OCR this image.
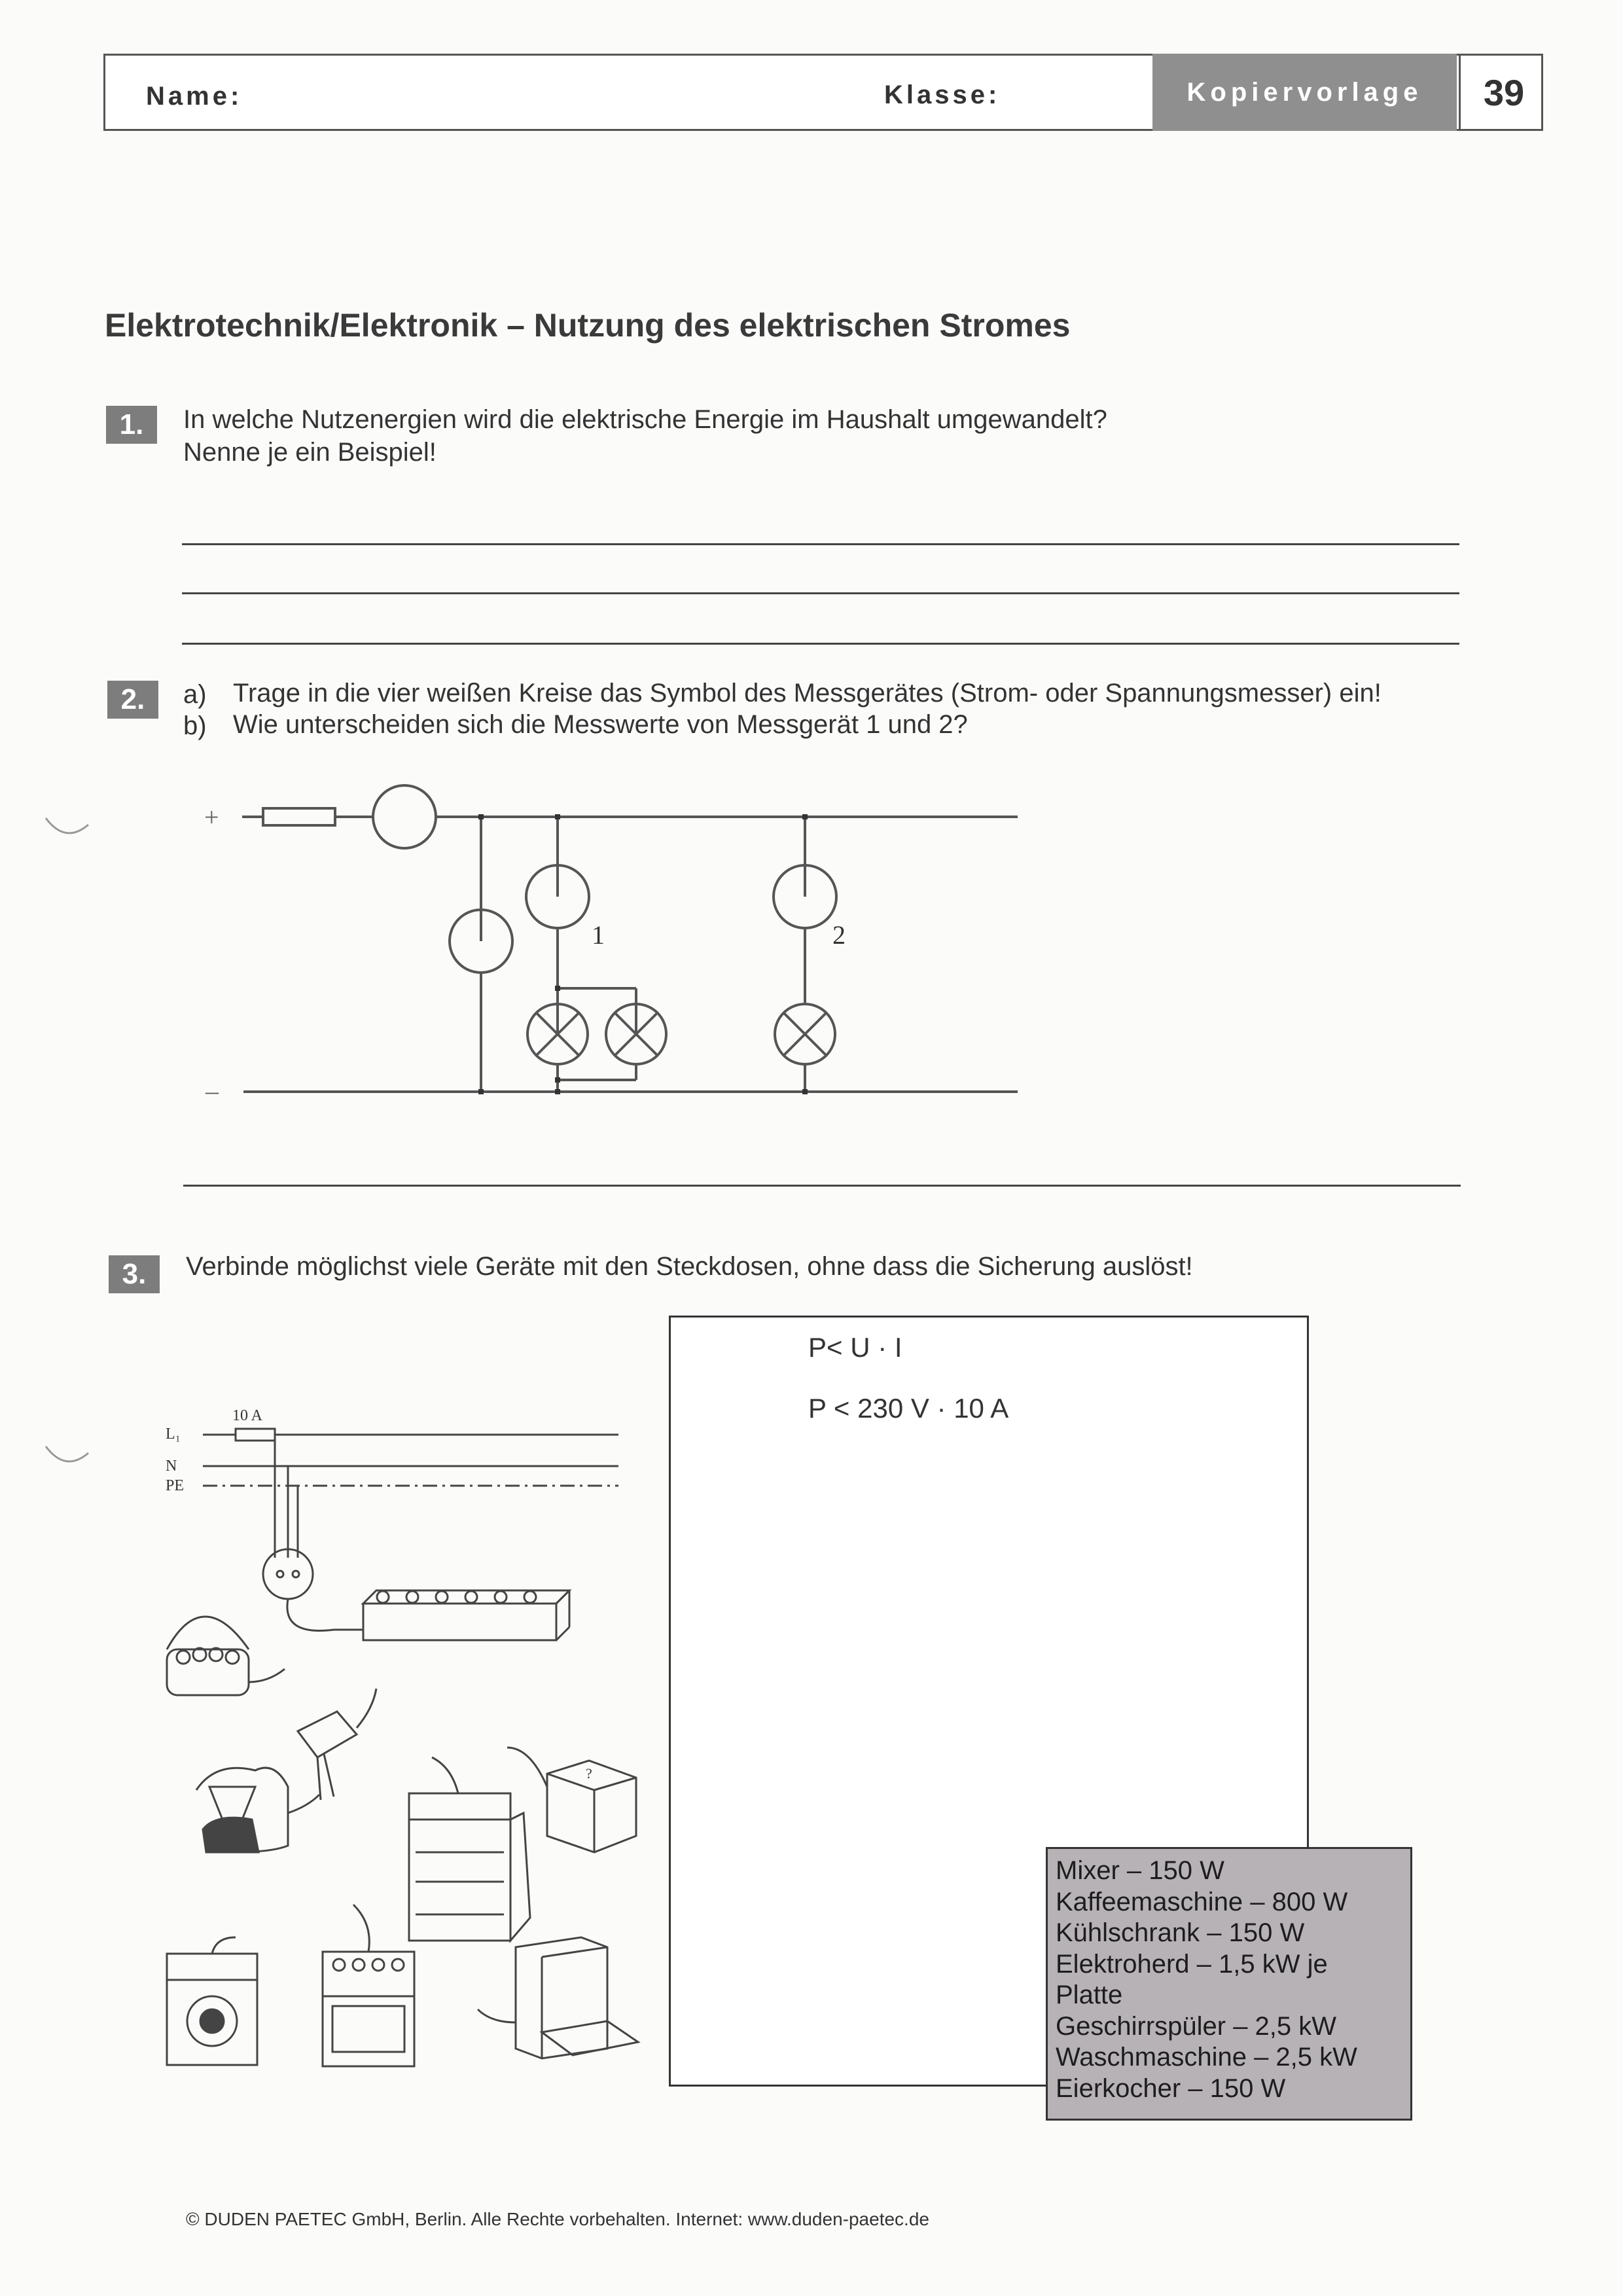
Name:	Klasse:	Kopiervorlage	39
Elektrotechnik/Elektronik – Nutzung des elektrischen Stromes
1.	In welche Nutzenergien wird die elektrische Energie im Haushalt umgewandelt?
Nenne je ein Beispiel!
2.	a) Trage in die vier weißen Kreise das Symbol des Messgerätes (Strom- oder Spannungsmesser) ein!
b) Wie unterscheiden sich die Messwerte von Messgerät 1 und 2?
+
–
1	2
3.	Verbinde möglichst viele Geräte mit den Steckdosen, ohne dass die Sicherung auslöst!
10 A
L₁
N
PE
?
P< U · I
P < 230 V · 10 A
Mixer – 150 W
Kaffeemaschine – 800 W
Kühlschrank – 150 W
Elektroherd – 1,5 kW je
Platte
Geschirrspüler – 2,5 kW
Waschmaschine – 2,5 kW
Eierkocher – 150 W
© DUDEN PAETEC GmbH, Berlin. Alle Rechte vorbehalten. Internet: www.duden-paetec.de
